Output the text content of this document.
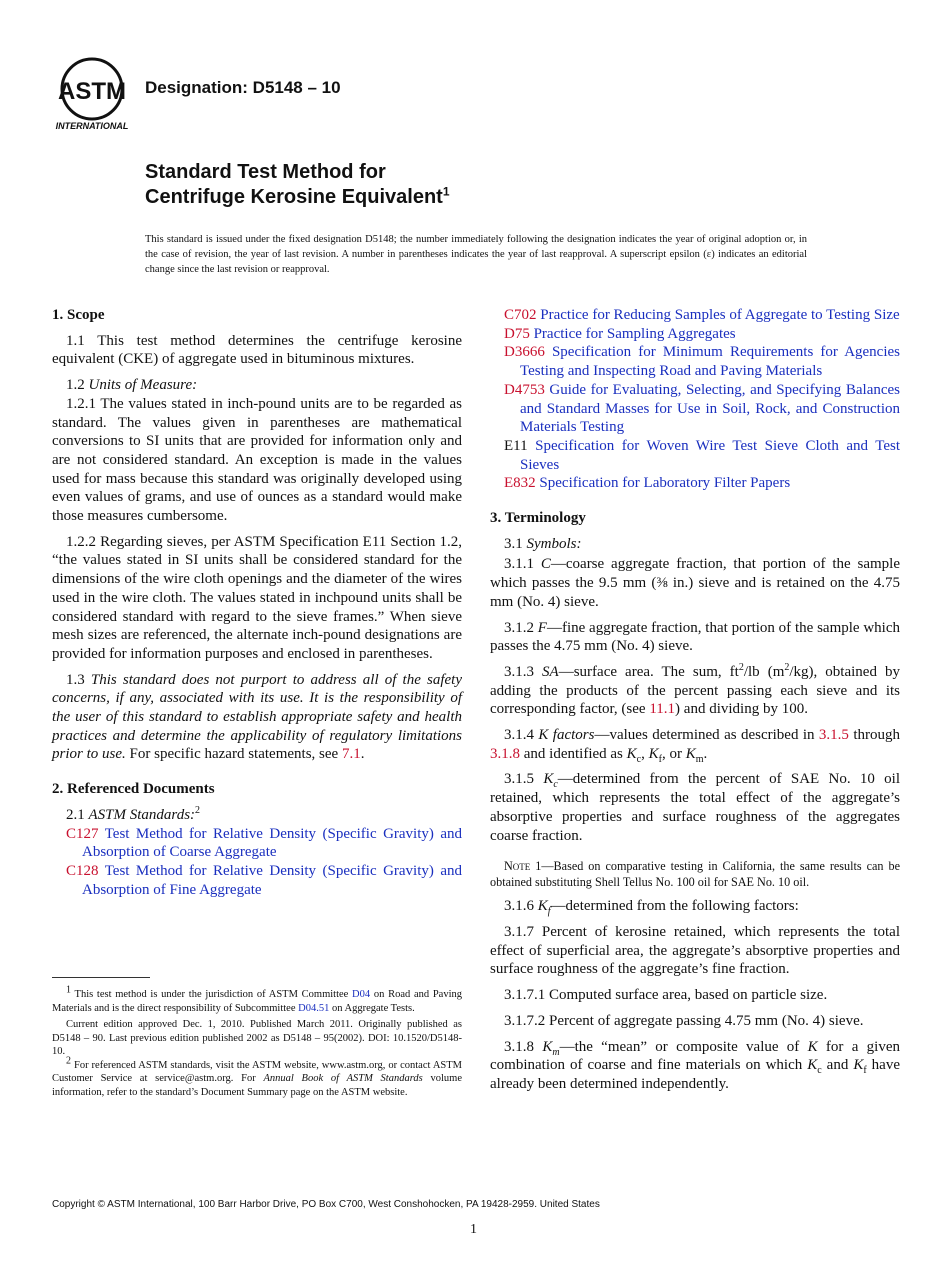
ASTM
INTERNATIONAL
Designation: D5148 – 10
Standard Test Method for
Centrifuge Kerosine Equivalent$^1$
This standard is issued under the fixed designation D5148; the number immediately following the designation indicates the year of original adoption or, in the case of revision, the year of last revision. A number in parentheses indicates the year of last reapproval. A superscript epsilon (ε) indicates an editorial change since the last revision or reapproval.

1. Scope

1.1 This test method determines the centrifuge kerosine equivalent (CKE) of aggregate used in bituminous mixtures.

1.2 Units of Measure:

1.2.1 The values stated in inch-pound units are to be regarded as standard. The values given in parentheses are mathematical conversions to SI units that are provided for information only and are not considered standard. An exception is made in the values used for mass because this standard was originally developed using even values of grams, and use of ounces as a standard would make those measures cumbersome.

1.2.2 Regarding sieves, per ASTM Specification E11 Section 1.2, “the values stated in SI units shall be considered standard for the dimensions of the wire cloth openings and the diameter of the wires used in the wire cloth. The values stated in inchpound units shall be considered standard with regard to the sieve frames.” When sieve mesh sizes are referenced, the alternate inch-pound designations are provided for information purposes and enclosed in parentheses.

1.3 This standard does not purport to address all of the safety concerns, if any, associated with its use. It is the responsibility of the user of this standard to establish appropriate safety and health practices and determine the applicability of regulatory limitations prior to use. For specific hazard statements, see 7.1.

2. Referenced Documents

2.1 ASTM Standards:$^2$

C127 Test Method for Relative Density (Specific Gravity) and Absorption of Coarse Aggregate

C128 Test Method for Relative Density (Specific Gravity) and Absorption of Fine Aggregate

$^1$ This test method is under the jurisdiction of ASTM Committee D04 on Road and Paving Materials and is the direct responsibility of Subcommittee D04.51 on Aggregate Tests.

Current edition approved Dec. 1, 2010. Published March 2011. Originally published as D5148 – 90. Last previous edition published 2002 as D5148 – 95(2002). DOI: 10.1520/D5148-10.

$^2$ For referenced ASTM standards, visit the ASTM website, www.astm.org, or contact ASTM Customer Service at service@astm.org. For Annual Book of ASTM Standards volume information, refer to the standard’s Document Summary page on the ASTM website.

C702 Practice for Reducing Samples of Aggregate to Testing Size

D75 Practice for Sampling Aggregates

D3666 Specification for Minimum Requirements for Agencies Testing and Inspecting Road and Paving Materials

D4753 Guide for Evaluating, Selecting, and Specifying Balances and Standard Masses for Use in Soil, Rock, and Construction Materials Testing

E11 Specification for Woven Wire Test Sieve Cloth and Test Sieves

E832 Specification for Laboratory Filter Papers

3. Terminology

3.1 Symbols:

3.1.1 C—coarse aggregate fraction, that portion of the sample which passes the 9.5 mm (⅜ in.) sieve and is retained on the 4.75 mm (No. 4) sieve.

3.1.2 F—fine aggregate fraction, that portion of the sample which passes the 4.75 mm (No. 4) sieve.

3.1.3 SA—surface area. The sum, $ft^2/lb$ $(m^2/kg)$, obtained by adding the products of the percent passing each sieve and its corresponding factor, (see 11.1) and dividing by 100.

3.1.4 K factors—values determined as described in 3.1.5 through 3.1.8 and identified as $K_c$, $K_f$, or $K_m$.

3.1.5 $K_c—determined$ from the percent of SAE No. 10 oil retained, which represents the total effect of the aggregate’s absorptive properties and surface roughness of the aggregates coarse fraction.

Note 1—Based on comparative testing in California, the same results can be obtained substituting Shell Tellus No. 100 oil for SAE No. 10 oil.

3.1.6 $K_f—determined$ from the following factors:

3.1.7 Percent of kerosine retained, which represents the total effect of superficial area, the aggregate’s absorptive properties and surface roughness of the aggregate’s fine fraction.

3.1.7.1 Computed surface area, based on particle size.

3.1.7.2 Percent of aggregate passing 4.75 mm (No. 4) sieve.

3.1.8 $K_m—the$ “mean” or composite value of K for a given combination of coarse and fine materials on which $K_c$ and $K_f$ have already been determined independently.

Copyright © ASTM International, 100 Barr Harbor Drive, PO Box C700, West Conshohocken, PA 19428-2959. United States
1
